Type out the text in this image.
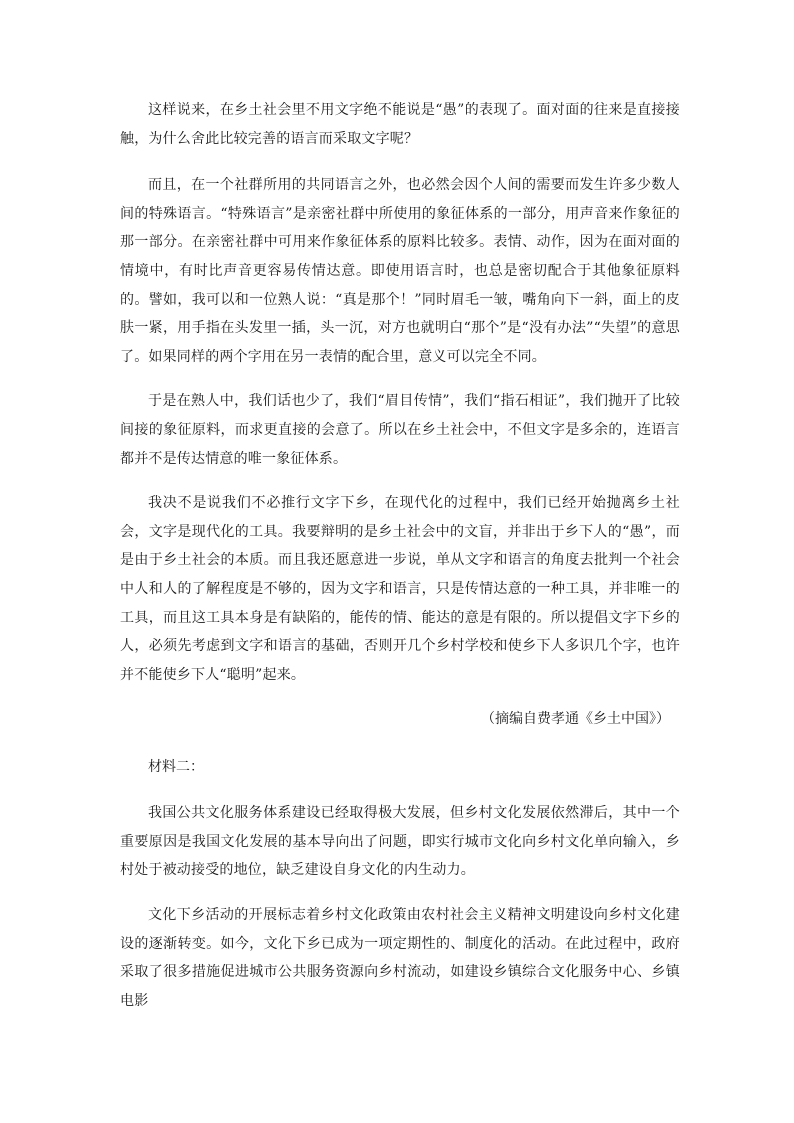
这样说来，在乡土社会里不用文字绝不能说是“愚”的表现了。面对面的往来是直接接触，为什么舍此比较完善的语言而采取文字呢？

而且，在一个社群所用的共同语言之外，也必然会因个人间的需要而发生许多少数人间的特殊语言。“特殊语言”是亲密社群中所使用的象征体系的一部分，用声音来作象征的那一部分。在亲密社群中可用来作象征体系的原料比较多。表情、动作，因为在面对面的情境中，有时比声音更容易传情达意。即使用语言时，也总是密切配合于其他象征原料的。譬如，我可以和一位熟人说：“真是那个！”同时眉毛一皱，嘴角向下一斜，面上的皮肤一紧，用手指在头发里一插，头一沉，对方也就明白“那个”是“没有办法”“失望”的意思了。如果同样的两个字用在另一表情的配合里，意义可以完全不同。

于是在熟人中，我们话也少了，我们“眉目传情”，我们“指石相证”，我们抛开了比较间接的象征原料，而求更直接的会意了。所以在乡土社会中，不但文字是多余的，连语言都并不是传达情意的唯一象征体系。

我决不是说我们不必推行文字下乡，在现代化的过程中，我们已经开始抛离乡土社会，文字是现代化的工具。我要辩明的是乡土社会中的文盲，并非出于乡下人的“愚”，而是由于乡土社会的本质。而且我还愿意进一步说，单从文字和语言的角度去批判一个社会中人和人的了解程度是不够的，因为文字和语言，只是传情达意的一种工具，并非唯一的工具，而且这工具本身是有缺陷的，能传的情、能达的意是有限的。所以提倡文字下乡的人，必须先考虑到文字和语言的基础，否则开几个乡村学校和使乡下人多识几个字，也许并不能使乡下人“聪明”起来。

（摘编自费孝通《乡土中国》）
材料二：

我国公共文化服务体系建设已经取得极大发展，但乡村文化发展依然滞后，其中一个重要原因是我国文化发展的基本导向出了问题，即实行城市文化向乡村文化单向输入，乡村处于被动接受的地位，缺乏建设自身文化的内生动力。

文化下乡活动的开展标志着乡村文化政策由农村社会主义精神文明建设向乡村文化建设的逐渐转变。如今，文化下乡已成为一项定期性的、制度化的活动。在此过程中，政府采取了很多措施促进城市公共服务资源向乡村流动，如建设乡镇综合文化服务中心、乡镇电影
